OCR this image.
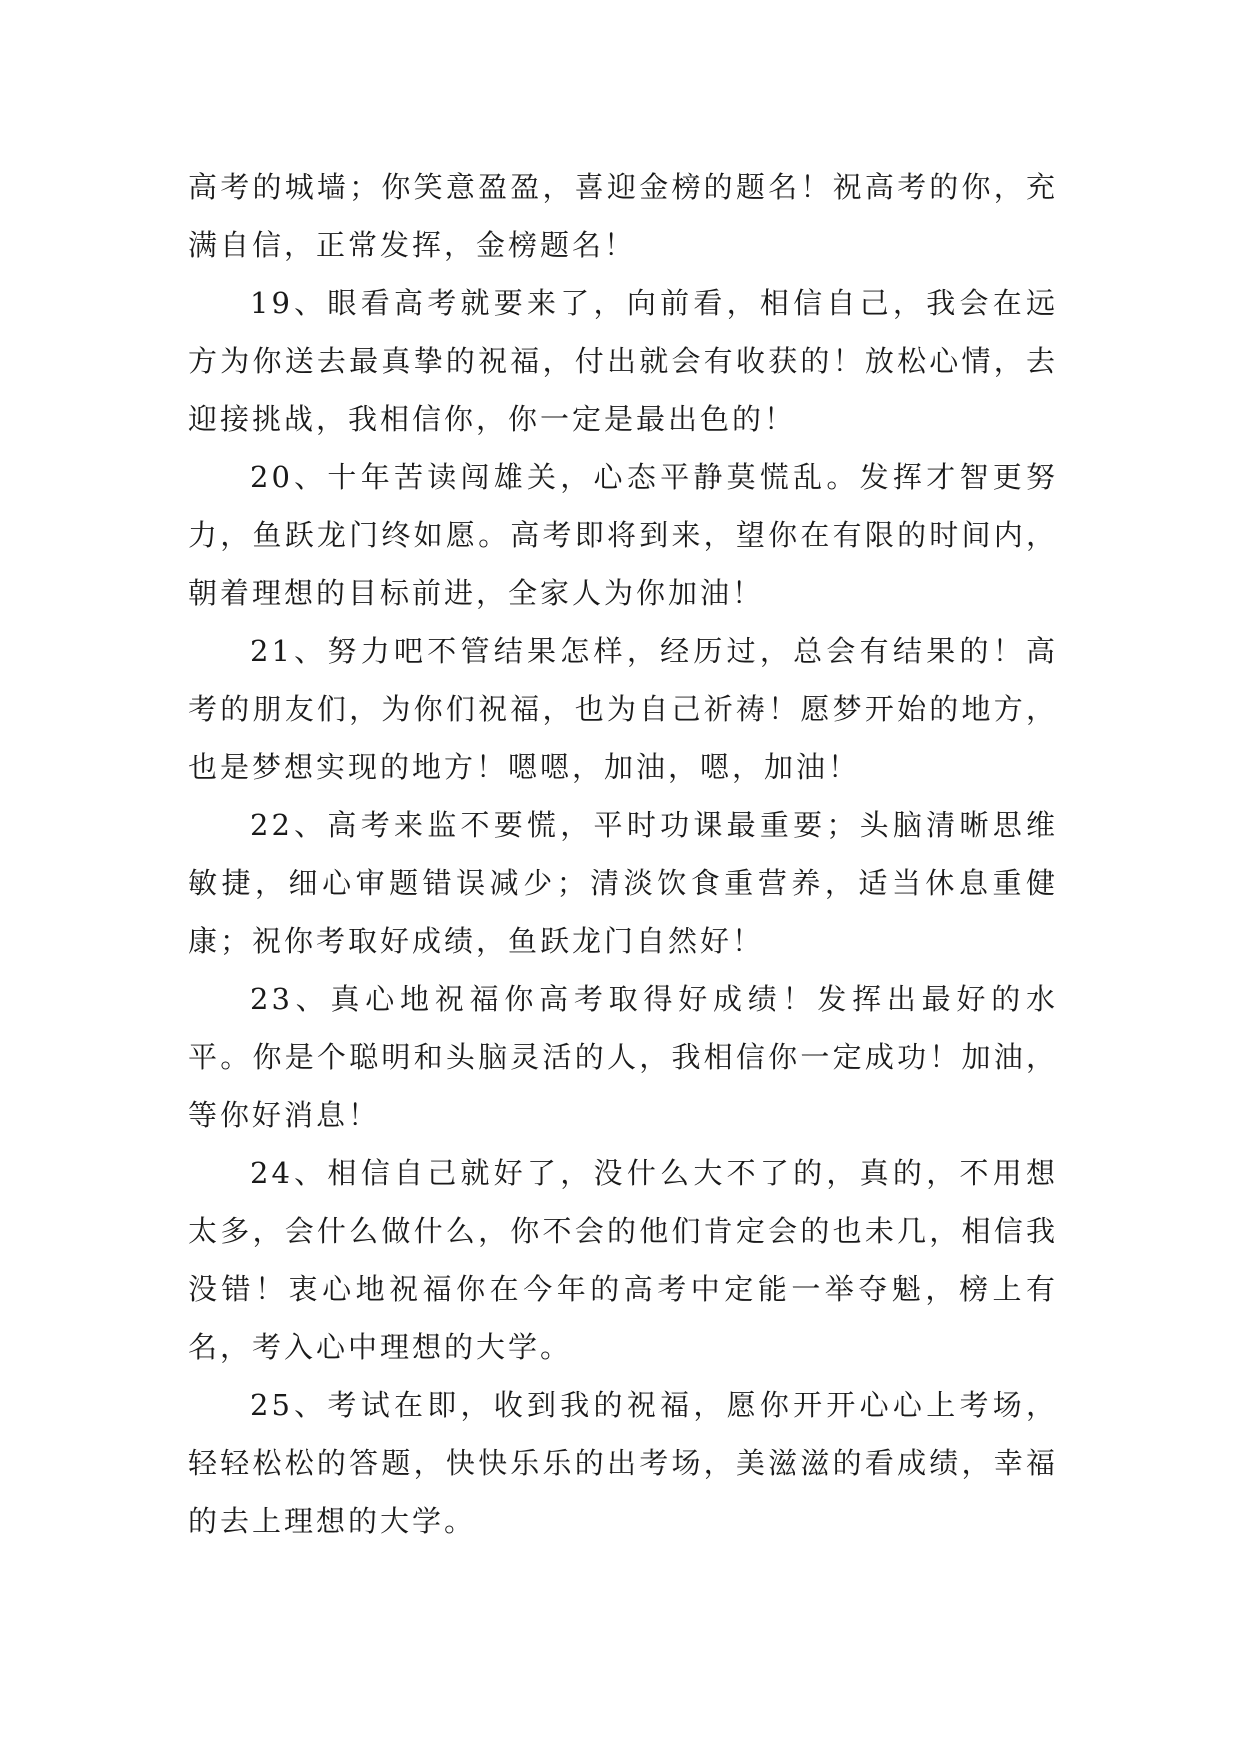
高考的城墙；你笑意盈盈，喜迎金榜的题名！祝高考的你，充满自信，正常发挥，金榜题名！

19、眼看高考就要来了，向前看，相信自己，我会在远方为你送去最真挚的祝福，付出就会有收获的！放松心情，去迎接挑战，我相信你，你一定是最出色的！

20、十年苦读闯雄关，心态平静莫慌乱。发挥才智更努力，鱼跃龙门终如愿。高考即将到来，望你在有限的时间内，朝着理想的目标前进，全家人为你加油！

21、努力吧不管结果怎样，经历过，总会有结果的！高考的朋友们，为你们祝福，也为自己祈祷！愿梦开始的地方，也是梦想实现的地方！嗯嗯，加油，嗯，加油！

22、高考来监不要慌，平时功课最重要；头脑清晰思维敏捷，细心审题错误减少；清淡饮食重营养，适当休息重健康；祝你考取好成绩，鱼跃龙门自然好！

23、真心地祝福你高考取得好成绩！发挥出最好的水平。你是个聪明和头脑灵活的人，我相信你一定成功！加油，等你好消息！

24、相信自己就好了，没什么大不了的，真的，不用想太多，会什么做什么，你不会的他们肯定会的也未几，相信我没错！衷心地祝福你在今年的高考中定能一举夺魁，榜上有名，考入心中理想的大学。

25、考试在即，收到我的祝福，愿你开开心心上考场，轻轻松松的答题，快快乐乐的出考场，美滋滋的看成绩，幸福的去上理想的大学。
